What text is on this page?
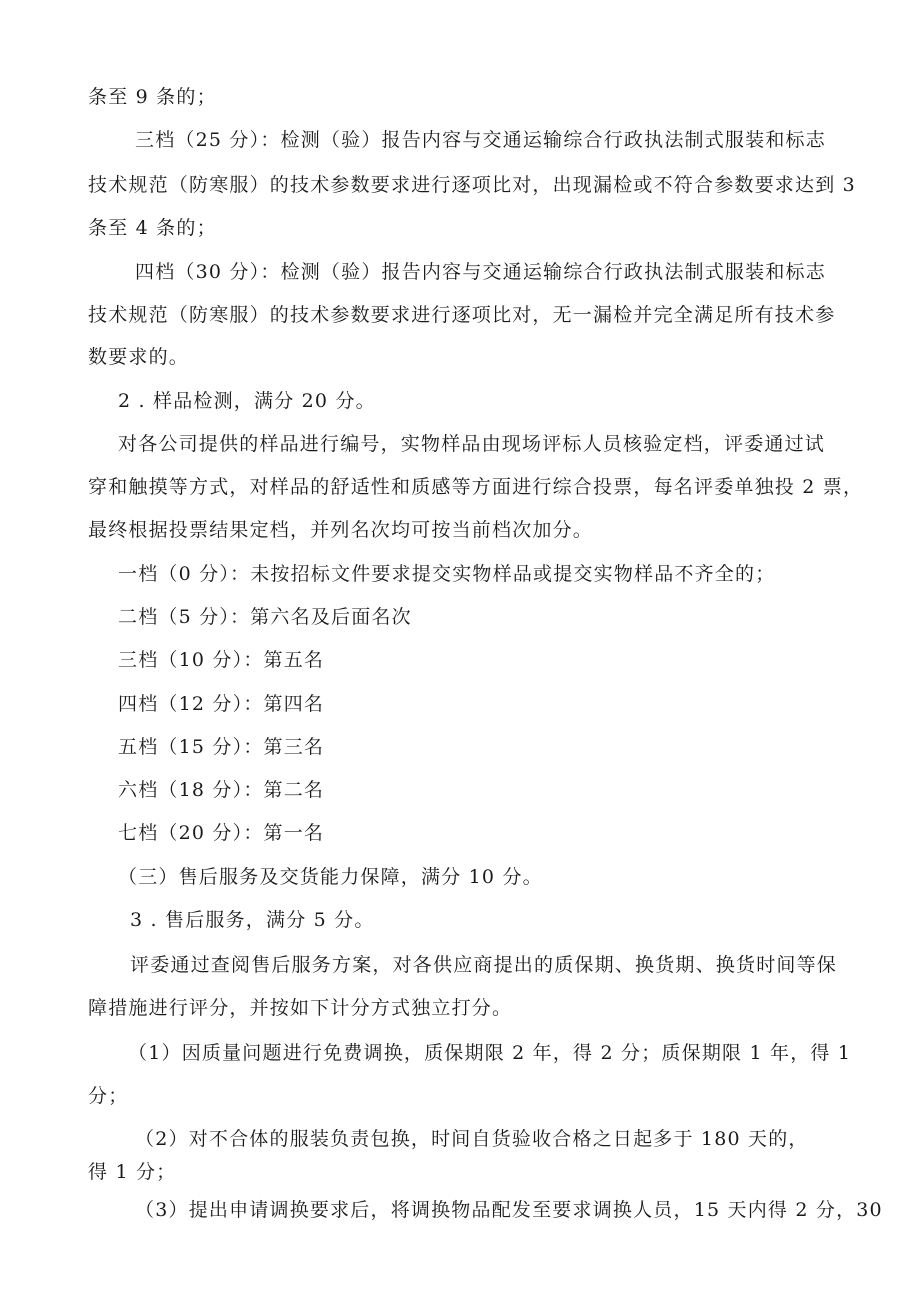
条至 9 条的；
三档（25 分）：检测（验）报告内容与交通运输综合行政执法制式服装和标志
技术规范（防寒服）的技术参数要求进行逐项比对，出现漏检或不符合参数要求达到 3
条至 4 条的；
四档（30 分）：检测（验）报告内容与交通运输综合行政执法制式服装和标志
技术规范（防寒服）的技术参数要求进行逐项比对，无一漏检并完全满足所有技术参
数要求的。
2 . 样品检测，满分 20 分。
对各公司提供的样品进行编号，实物样品由现场评标人员核验定档，评委通过试
穿和触摸等方式，对样品的舒适性和质感等方面进行综合投票，每名评委单独投 2 票，
最终根据投票结果定档，并列名次均可按当前档次加分。
一档（0 分）：未按招标文件要求提交实物样品或提交实物样品不齐全的；
二档（5 分）：第六名及后面名次
三档（10 分）：第五名
四档（12 分）：第四名
五档（15 分）：第三名
六档（18 分）：第二名
七档（20 分）：第一名
（三）售后服务及交货能力保障，满分 10 分。
3 . 售后服务，满分 5 分。
评委通过查阅售后服务方案，对各供应商提出的质保期、换货期、换货时间等保
障措施进行评分，并按如下计分方式独立打分。
（1）因质量问题进行免费调换，质保期限 2 年，得 2 分；质保期限 1 年，得 1
分；
（2）对不合体的服装负责包换，时间自货验收合格之日起多于 180 天的，
得 1 分；
（3）提出申请调换要求后，将调换物品配发至要求调换人员，15 天内得 2 分，30
